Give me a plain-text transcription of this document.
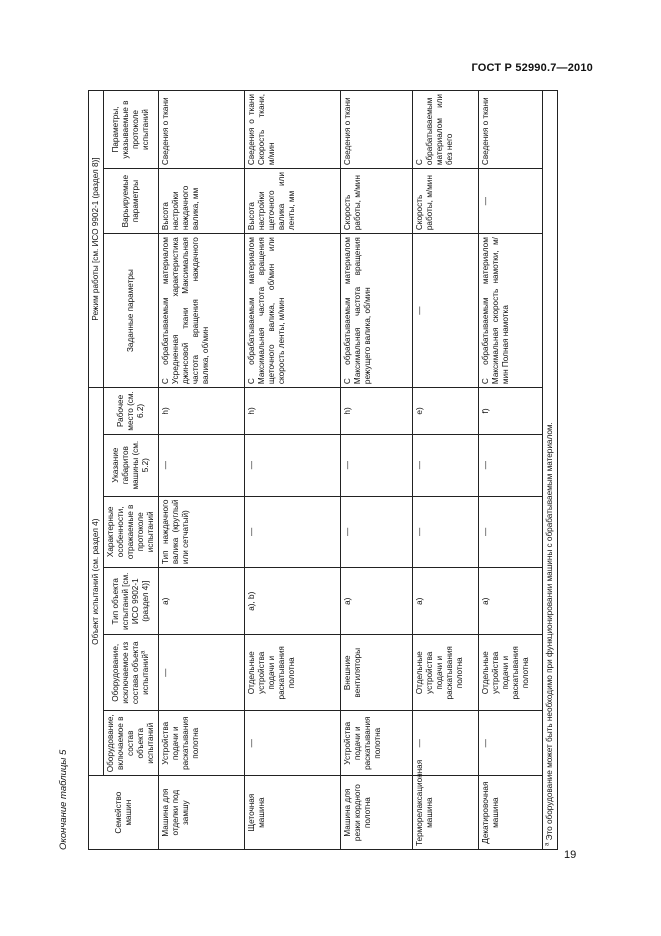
ГОСТ Р 52990.7—2010
Окончание таблицы 5	Семейство машин	Объект испытаний (см. раздел 4)						Режим работы [см. ИСО 9902-1 (раздел 8)]		
	Оборудование, включаемое в состав объекта испытаний	Оборудование, исключаемое из состава объекта испытаний$^a$	Тип объекта испытаний [см. ИСО 9902-1 (раздел 4)]	Характерные особенности, отражаемые в протоколе испытаний	Указание габаритов машины (см. 5.2)	Рабочее место (см. 6.2)	Заданные параметры	Варьируемые параметры	Параметры, указываемые в протоколе испытаний
Машина для отделки под замшу	Устройства подачи и раскатывания полотна	—	а)	Тип наждачного валика (круглый или сетчатый)	—	h)	С обрабатываемым материалом Усредненная характеристика джинсовой ткани Максимальная частота вращения наждачного валика, об/мин	Высота настройки наждачного валика, мм	Сведения о ткани
Щеточная машина	—	Отдельные устройства подачи и раскатывания полотна	а), b)	—	—	h)	С обрабатываемым материалом Максимальная частота вращения щеточного валика, об/мин или скорость ленты, м/мин	Высота настройки щеточного валика или ленты, мм	Сведения о ткани Скорость ткани, м/мин
Машина для резки кордного полотна	Устройства подачи и раскатывания полотна	Внешние вентиляторы	а)	—	—	h)	С обрабатываемым материалом Максимальная частота вращения режущего валика, об/мин	Скорость работы, м/мин	Сведения о ткани
Терморелаксационная машина	—	Отдельные устройства подачи и раскатывания полотна	а)	—	—	e)	—	Скорость работы, м/мин	С обрабатываемым материалом или без него
Декатировочная машина	—	Отдельные устройства подачи и раскатывания полотна	а)	—	—	f)	С обрабатываемым материалом Максимальная скорость намотки, м/мин Полная намотка	—	Сведения о ткани
$^a$ Это оборудование может быть необходимо при функционировании машины с обрабатываемым материалом.									
19
